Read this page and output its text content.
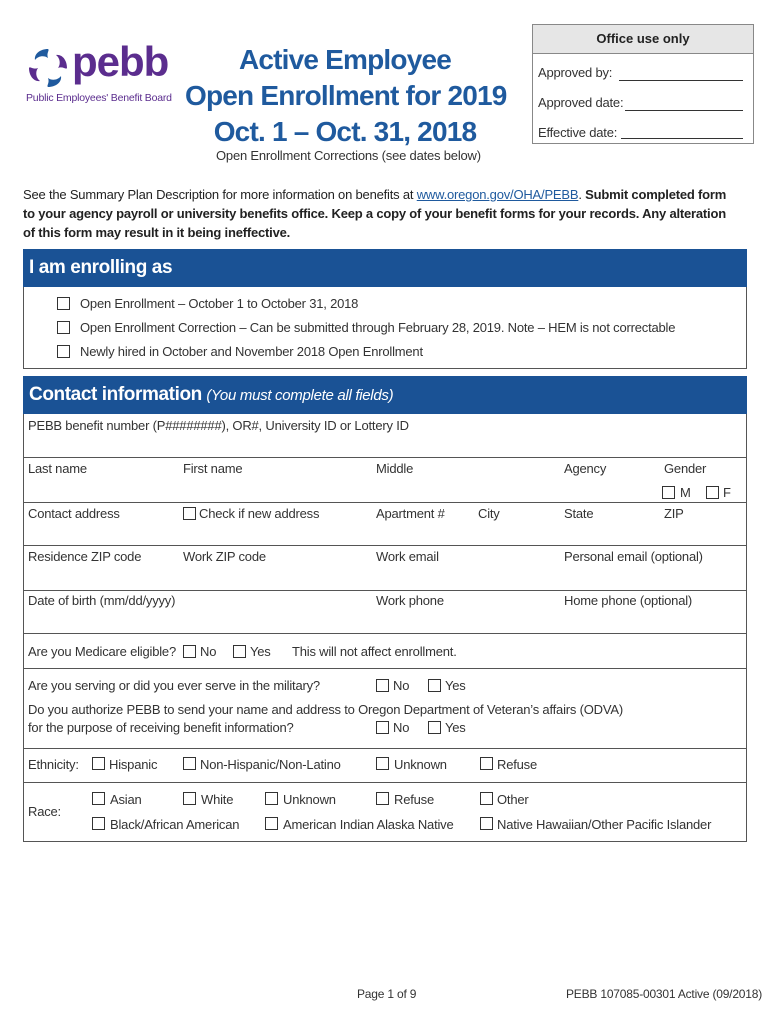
pebb
Public Employees' Benefit Board
Active Employee
Open Enrollment for 2019
Oct. 1 – Oct. 31, 2018
Open Enrollment Corrections (see dates below)
Office use only
Approved by:
Approved date:
Effective date:
See the Summary Plan Description for more information on benefits at www.oregon.gov/OHA/PEBB. Submit completed form
to your agency payroll or university benefits office. Keep a copy of your benefit forms for your records. Any alteration
of this form may result in it being ineffective.
I am enrolling as
Open Enrollment – October 1 to October 31, 2018
Open Enrollment Correction – Can be submitted through February 28, 2019. Note – HEM is not correctable
Newly hired in October and November 2018 Open Enrollment
Contact information (You must complete all fields)
PEBB benefit number (P########), OR#, University ID or Lottery ID
Last name	First name	Middle	Agency	Gender
M F
Contact address	Check if new address	Apartment #	City	State	ZIP
Residence ZIP code	Work ZIP code	Work email	Personal email (optional)
Date of birth (mm/dd/yyyy)	Work phone	Home phone (optional)
Are you Medicare eligible? No	Yes This will not affect enrollment.
Are you serving or did you ever serve in the military?	No	Yes
Do you authorize PEBB to send your name and address to Oregon Department of Veteran’s affairs (ODVA)
for the purpose of receiving benefit information?	No	Yes
Ethnicity: Hispanic	Non-Hispanic/Non-Latino	Unknown	Refuse
Race:
Asian	White	Unknown	Refuse	Other
Black/African American	American Indian Alaska Native	Native Hawaiian/Other Pacific Islander
Page 1 of 9	PEBB 107085-00301 Active (09/2018)
